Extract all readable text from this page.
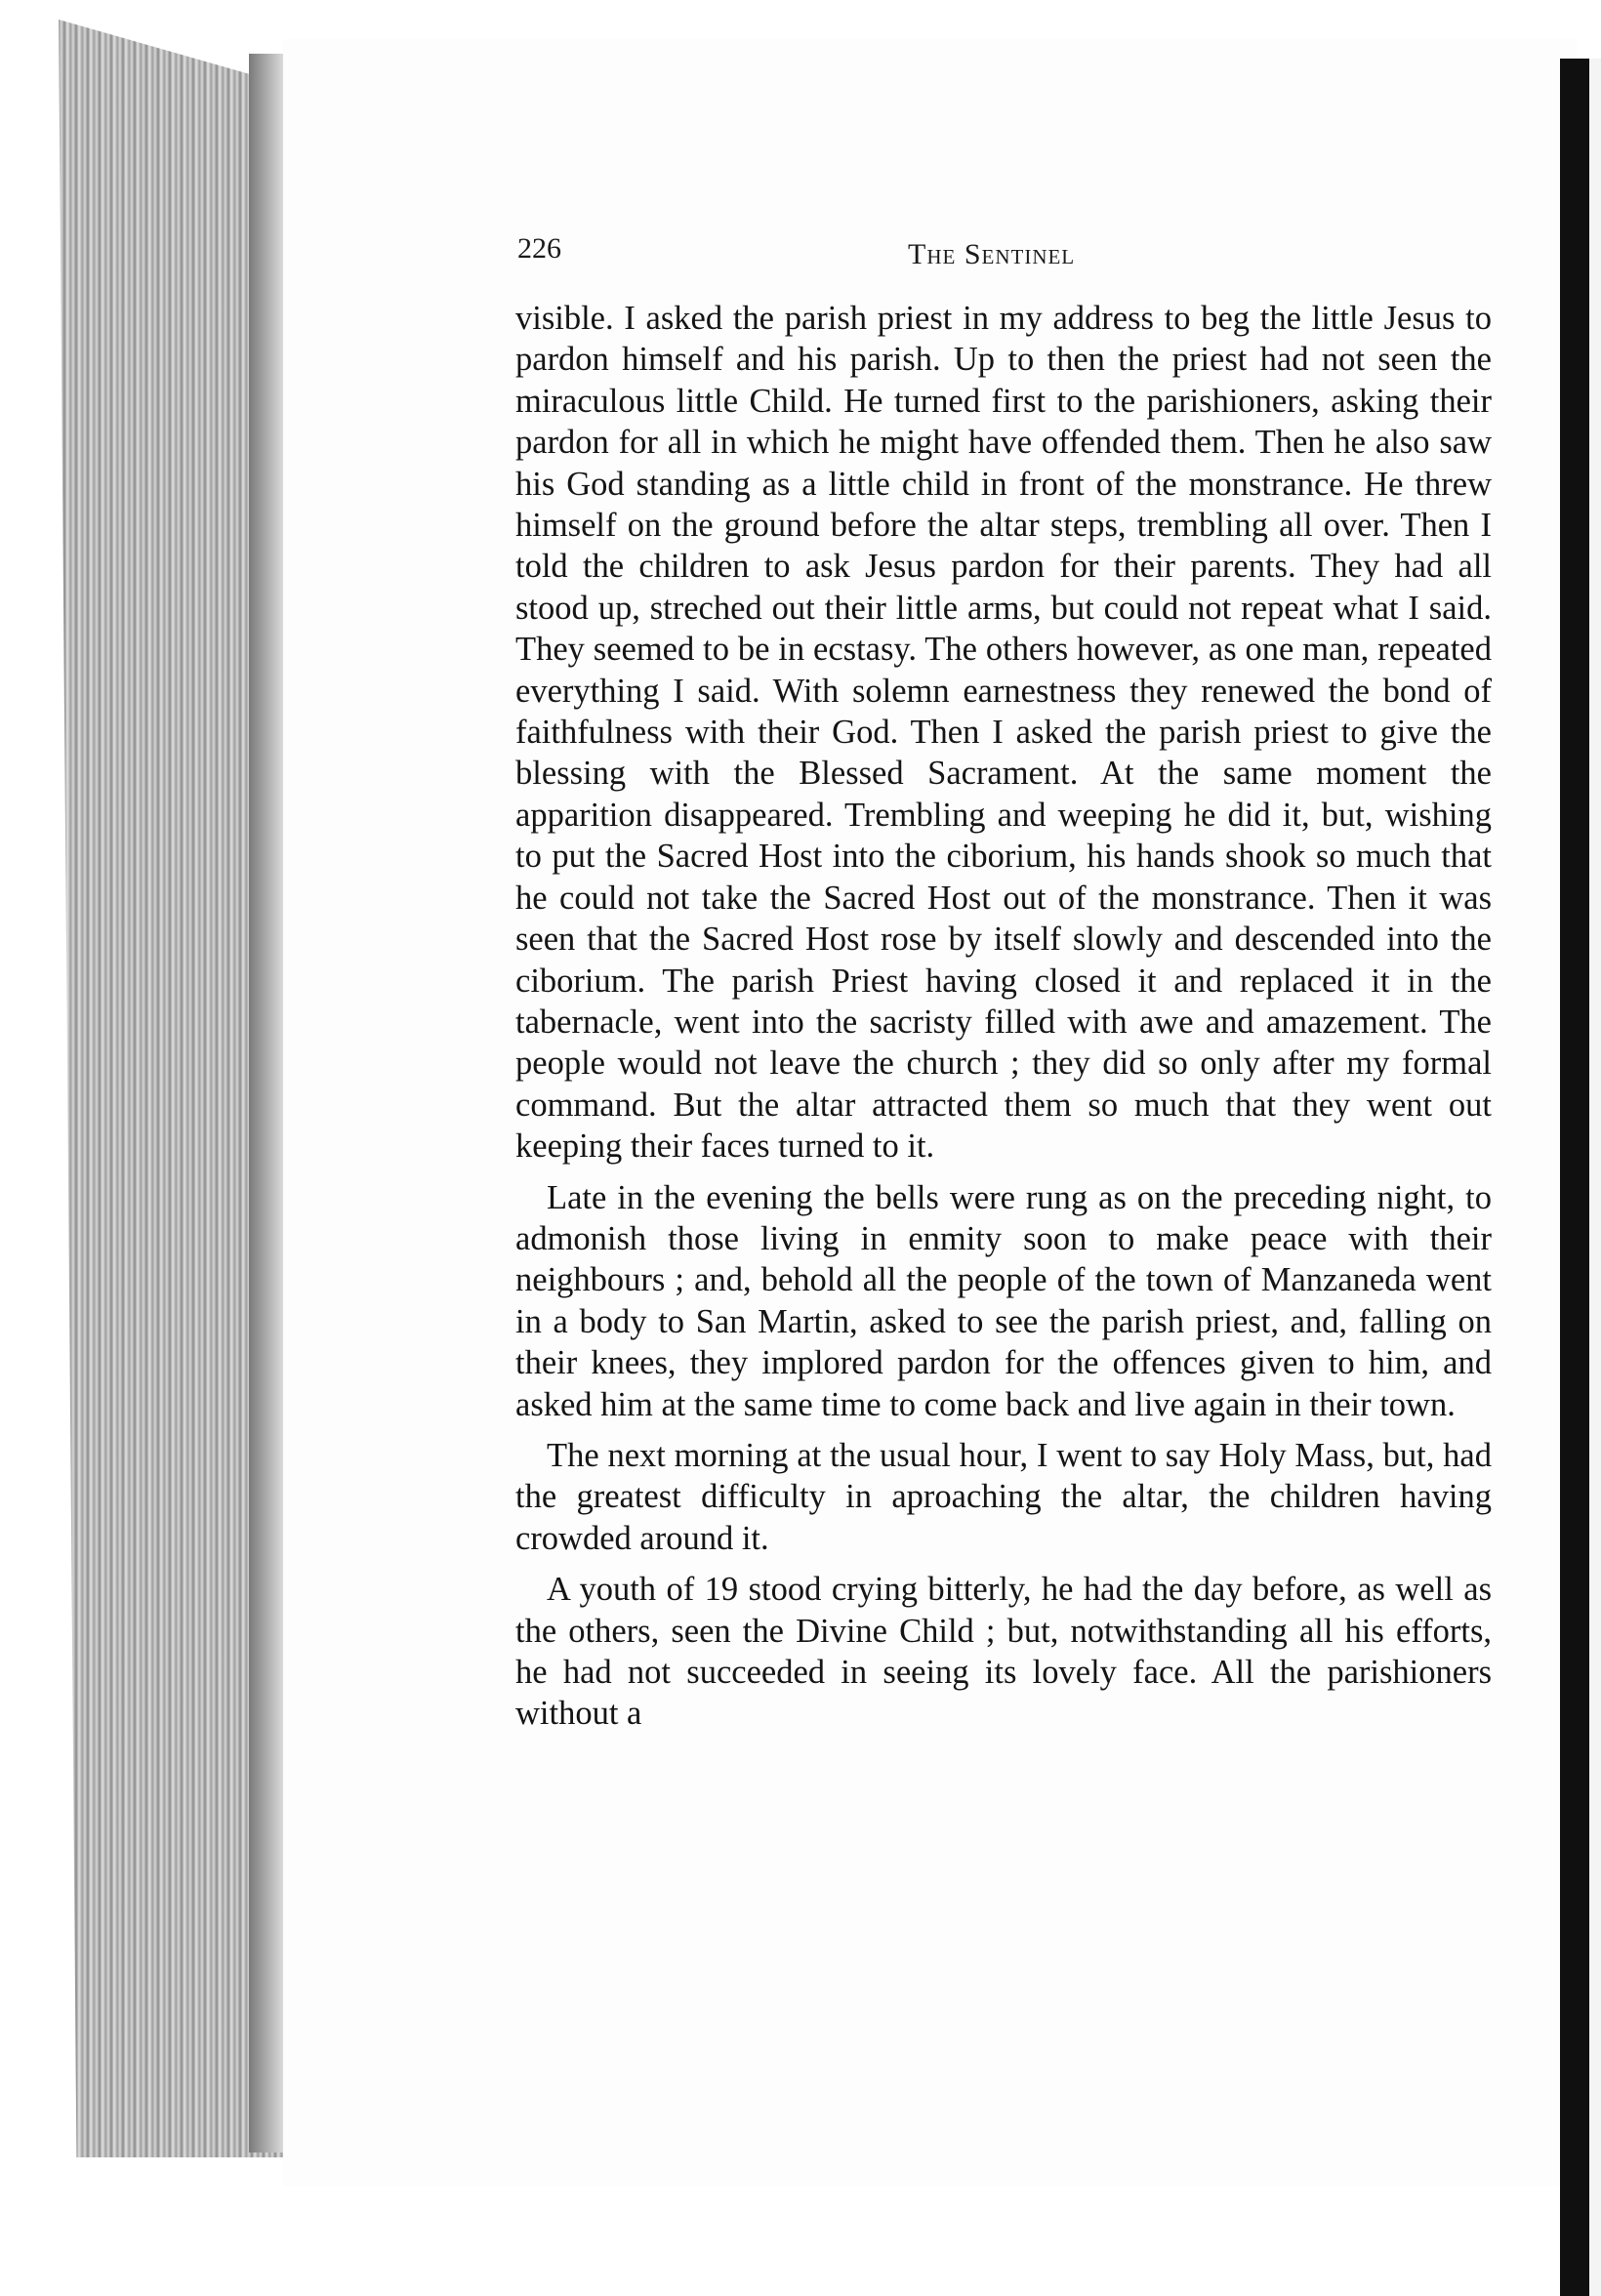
226	The Sentinel

visible. I asked the parish priest in my address to beg the little Jesus to pardon himself and his parish. Up to then the priest had not seen the miraculous little Child. He turned first to the parishioners, asking their pardon for all in which he might have offended them. Then he also saw his God standing as a little child in front of the monstrance. He threw himself on the ground before the altar steps, trembling all over. Then I told the children to ask Jesus pardon for their parents. They had all stood up, streched out their little arms, but could not repeat what I said. They seemed to be in ecstasy. The others however, as one man, repeated everything I said. With solemn earnestness they renewed the bond of faithfulness with their God. Then I asked the parish priest to give the blessing with the Blessed Sacrament. At the same moment the apparition disappeared. Trembling and weeping he did it, but, wishing to put the Sacred Host into the ciborium, his hands shook so much that he could not take the Sacred Host out of the monstrance. Then it was seen that the Sacred Host rose by itself slowly and descended into the ciborium. The parish Priest having closed it and replaced it in the tabernacle, went into the sacristy filled with awe and amazement. The people would not leave the church ; they did so only after my formal command. But the altar attracted them so much that they went out keeping their faces turned to it.

Late in the evening the bells were rung as on the preceding night, to admonish those living in enmity soon to make peace with their neighbours ; and, behold all the people of the town of Manzaneda went in a body to San Martin, asked to see the parish priest, and, falling on their knees, they implored pardon for the offences given to him, and asked him at the same time to come back and live again in their town.

The next morning at the usual hour, I went to say Holy Mass, but, had the greatest difficulty in aproaching the altar, the children having crowded around it.

A youth of 19 stood crying bitterly, he had the day before, as well as the others, seen the Divine Child ; but, notwithstanding all his efforts, he had not succeeded in seeing its lovely face. All the parishioners without a
